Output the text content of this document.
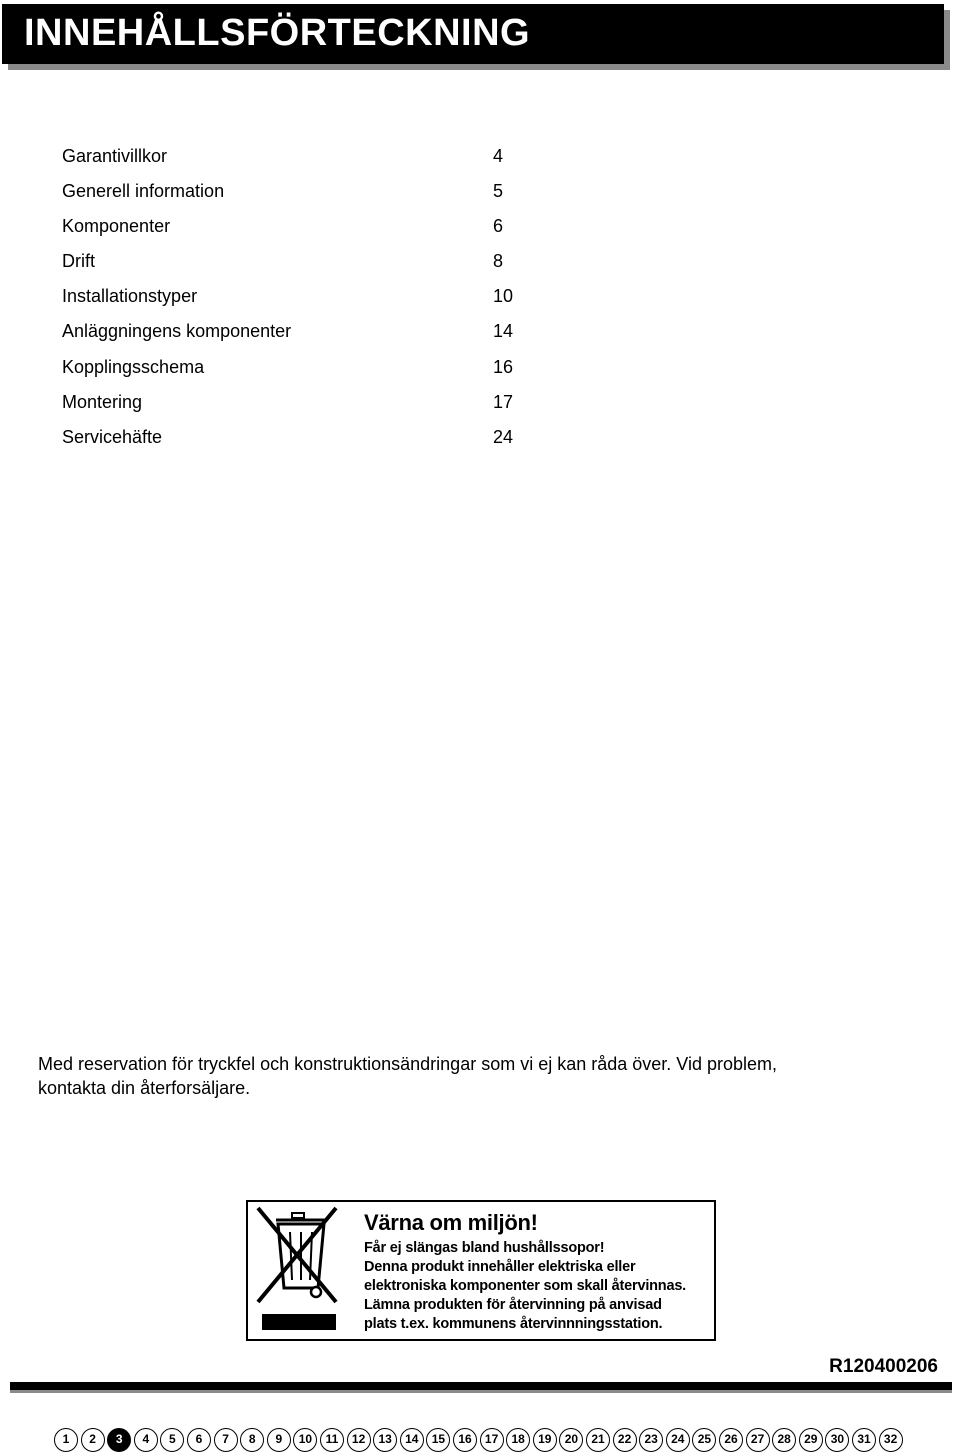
INNEHÅLLSFÖRTECKNING
Garantivillkor	4
Generell information	5
Komponenter	6
Drift	8
Installationstyper	10
Anläggningens komponenter	14
Kopplingsschema	16
Montering	17
Servicehäfte	24
Med reservation för tryckfel och konstruktionsändringar som vi ej kan råda över. Vid problem,
kontakta din återforsäljare.
Värna om miljön!
Får ej slängas bland hushållssopor!
Denna produkt innehåller elektriska eller
elektroniska komponenter som skall återvinnas.
Lämna produkten för återvinning på anvisad
plats t.ex. kommunens återvinnningsstation.
R120400206
1	2	3	4	5	6	7	8	9	10	11	12	13	14	15	16	17	18	19	20	21	22	23	24	25	26	27	28	29	30	31	32
